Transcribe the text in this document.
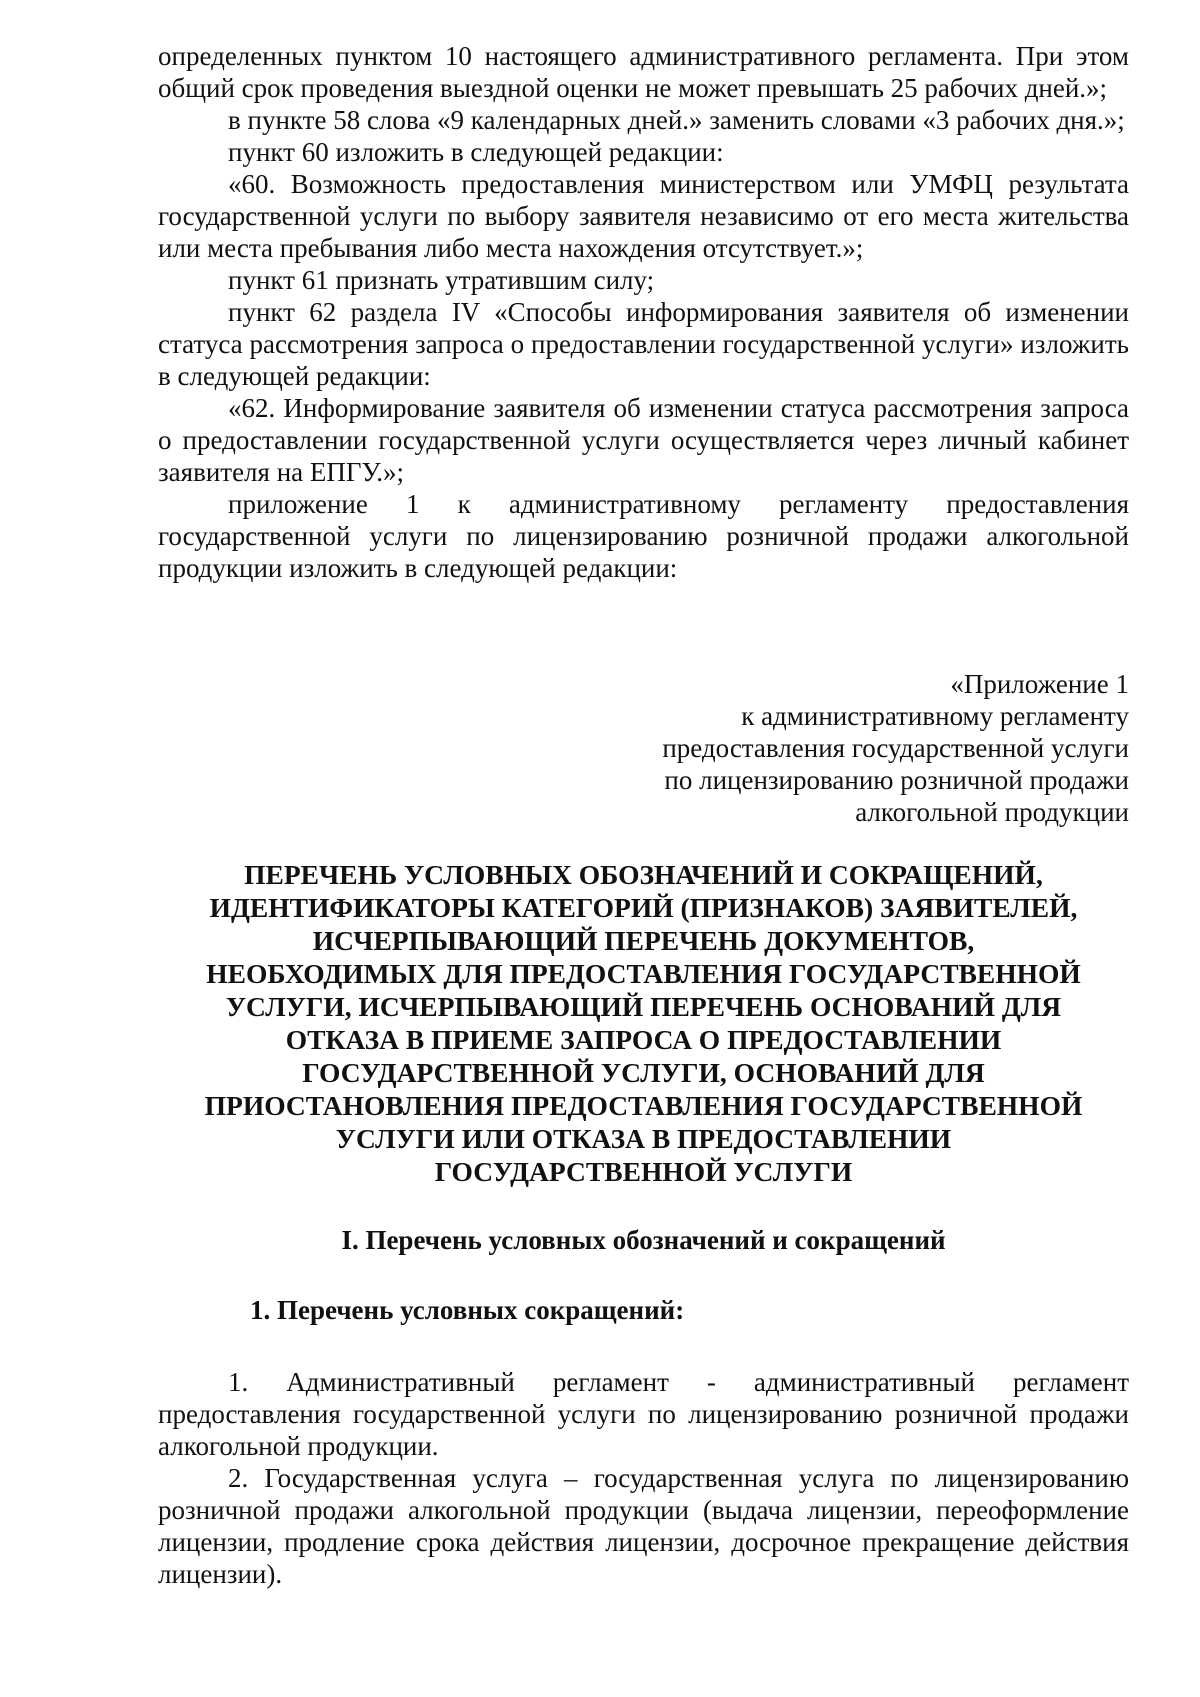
определенных пунктом 10 настоящего административного регламента. При этом общий срок проведения выездной оценки не может превышать 25 рабочих дней.»;

в пункте 58 слова «9 календарных дней.» заменить словами «3 рабочих дня.»;

пункт 60 изложить в следующей редакции:

«60. Возможность предоставления министерством или УМФЦ результата государственной услуги по выбору заявителя независимо от его места жительства или места пребывания либо места нахождения отсутствует.»;

пункт 61 признать утратившим силу;

пункт 62 раздела IV «Способы информирования заявителя об изменении статуса рассмотрения запроса о предоставлении государственной услуги» изложить в следующей редакции:

«62. Информирование заявителя об изменении статуса рассмотрения запроса о предоставлении государственной услуги осуществляется через личный кабинет заявителя на ЕПГУ.»;

приложение 1 к административному регламенту предоставления государственной услуги по лицензированию розничной продажи алкогольной продукции изложить в следующей редакции:

«Приложение 1
к административному регламенту
предоставления государственной услуги
по лицензированию розничной продажи
алкогольной продукции
ПЕРЕЧЕНЬ УСЛОВНЫХ ОБОЗНАЧЕНИЙ И СОКРАЩЕНИЙ,
ИДЕНТИФИКАТОРЫ КАТЕГОРИЙ (ПРИЗНАКОВ) ЗАЯВИТЕЛЕЙ,
ИСЧЕРПЫВАЮЩИЙ ПЕРЕЧЕНЬ ДОКУМЕНТОВ,
НЕОБХОДИМЫХ ДЛЯ ПРЕДОСТАВЛЕНИЯ ГОСУДАРСТВЕННОЙ
УСЛУГИ, ИСЧЕРПЫВАЮЩИЙ ПЕРЕЧЕНЬ ОСНОВАНИЙ ДЛЯ
ОТКАЗА В ПРИЕМЕ ЗАПРОСА О ПРЕДОСТАВЛЕНИИ
ГОСУДАРСТВЕННОЙ УСЛУГИ, ОСНОВАНИЙ ДЛЯ
ПРИОСТАНОВЛЕНИЯ ПРЕДОСТАВЛЕНИЯ ГОСУДАРСТВЕННОЙ
УСЛУГИ ИЛИ ОТКАЗА В ПРЕДОСТАВЛЕНИИ
ГОСУДАРСТВЕННОЙ УСЛУГИ

I. Перечень условных обозначений и сокращений

1. Перечень условных сокращений:

1. Административный регламент - административный регламент предоставления государственной услуги по лицензированию розничной продажи алкогольной продукции.

2. Государственная услуга – государственная услуга по лицензированию розничной продажи алкогольной продукции (выдача лицензии, переоформление лицензии, продление срока действия лицензии, досрочное прекращение действия лицензии).
